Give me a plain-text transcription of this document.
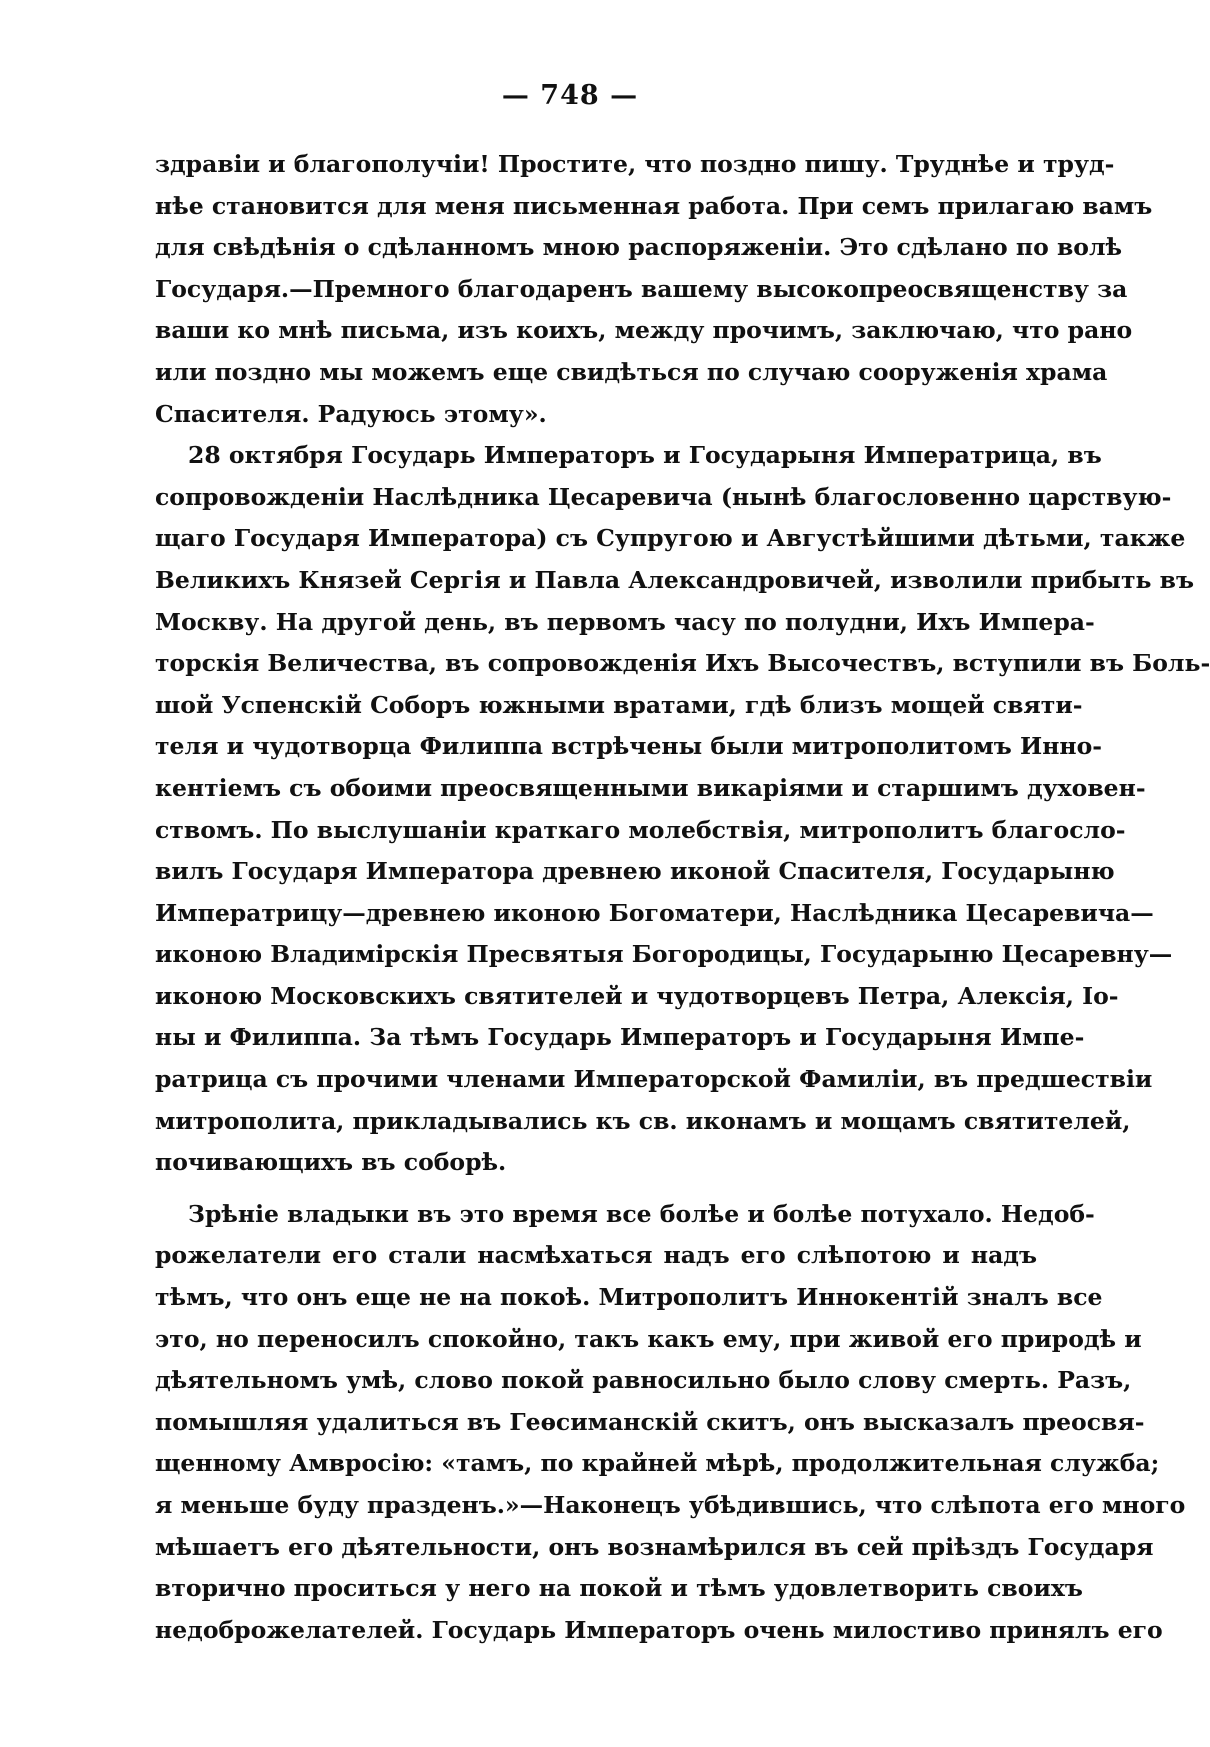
— 748 —
здравіи и благополучіи! Простите, что поздно пишу. Труднѣе и труд-
нѣе становится для меня письменная работа. При семъ прилагаю вамъ
для свѣдѣнія о сдѣланномъ мною распоряженіи. Это сдѣлано по волѣ
Государя.—Премного благодаренъ вашему высокопреосвященству за
ваши ко мнѣ письма, изъ коихъ, между прочимъ, заключаю, что рано
или поздно мы можемъ еще свидѣться по случаю сооруженія храма
Спасителя. Радуюсь этому».
28 октября Государь Императоръ и Государыня Императрица, въ
сопровожденіи Наслѣдника Цесаревича (нынѣ благословенно царствую-
щаго Государя Императора) съ Супругою и Августѣйшими дѣтьми, также
Великихъ Князей Сергія и Павла Александровичей, изволили прибыть въ
Москву. На другой день, въ первомъ часу по полудни, Ихъ Импера-
торскія Величества, въ сопровожденія Ихъ Высочествъ, вступили въ Боль-
шой Успенскій Соборъ южными вратами, гдѣ близъ мощей святи-
теля и чудотворца Филиппа встрѣчены были митрополитомъ Инно-
кентіемъ съ обоими преосвященными викаріями и старшимъ духовен-
ствомъ. По выслушаніи краткаго молебствія, митрополитъ благосло-
вилъ Государя Императора древнею иконой Спасителя, Государыню
Императрицу—древнею иконою Богоматери, Наслѣдника Цесаревича—
иконою Владимірскія Пресвятыя Богородицы, Государыню Цесаревну—
иконою Московскихъ святителей и чудотворцевъ Петра, Алексія, Іо-
ны и Филиппа. За тѣмъ Государь Императоръ и Государыня Импе-
ратрица съ прочими членами Императорской Фамиліи, въ предшествіи
митрополита, прикладывались къ св. иконамъ и мощамъ святителей,
почивающихъ въ соборѣ.
Зрѣніе владыки въ это время все болѣе и болѣе потухало. Недоб-
рожелатели его стали насмѣхаться надъ его слѣпотою и надъ
тѣмъ, что онъ еще не на покоѣ. Митрополитъ Иннокентій зналъ все
это, но переносилъ спокойно, такъ какъ ему, при живой его природѣ и
дѣятельномъ умѣ, слово покой равносильно было слову смерть. Разъ,
помышляя удалиться въ Геѳсиманскій скитъ, онъ высказалъ преосвя-
щенному Амвросію: «тамъ, по крайней мѣрѣ, продолжительная служба;
я меньше буду празденъ.»—Наконецъ убѣдившись, что слѣпота его много
мѣшаетъ его дѣятельности, онъ вознамѣрился въ сей пріѣздъ Государя
вторично проситься у него на покой и тѣмъ удовлетворить своихъ
недоброжелателей. Государь Императоръ очень милостиво принялъ его
